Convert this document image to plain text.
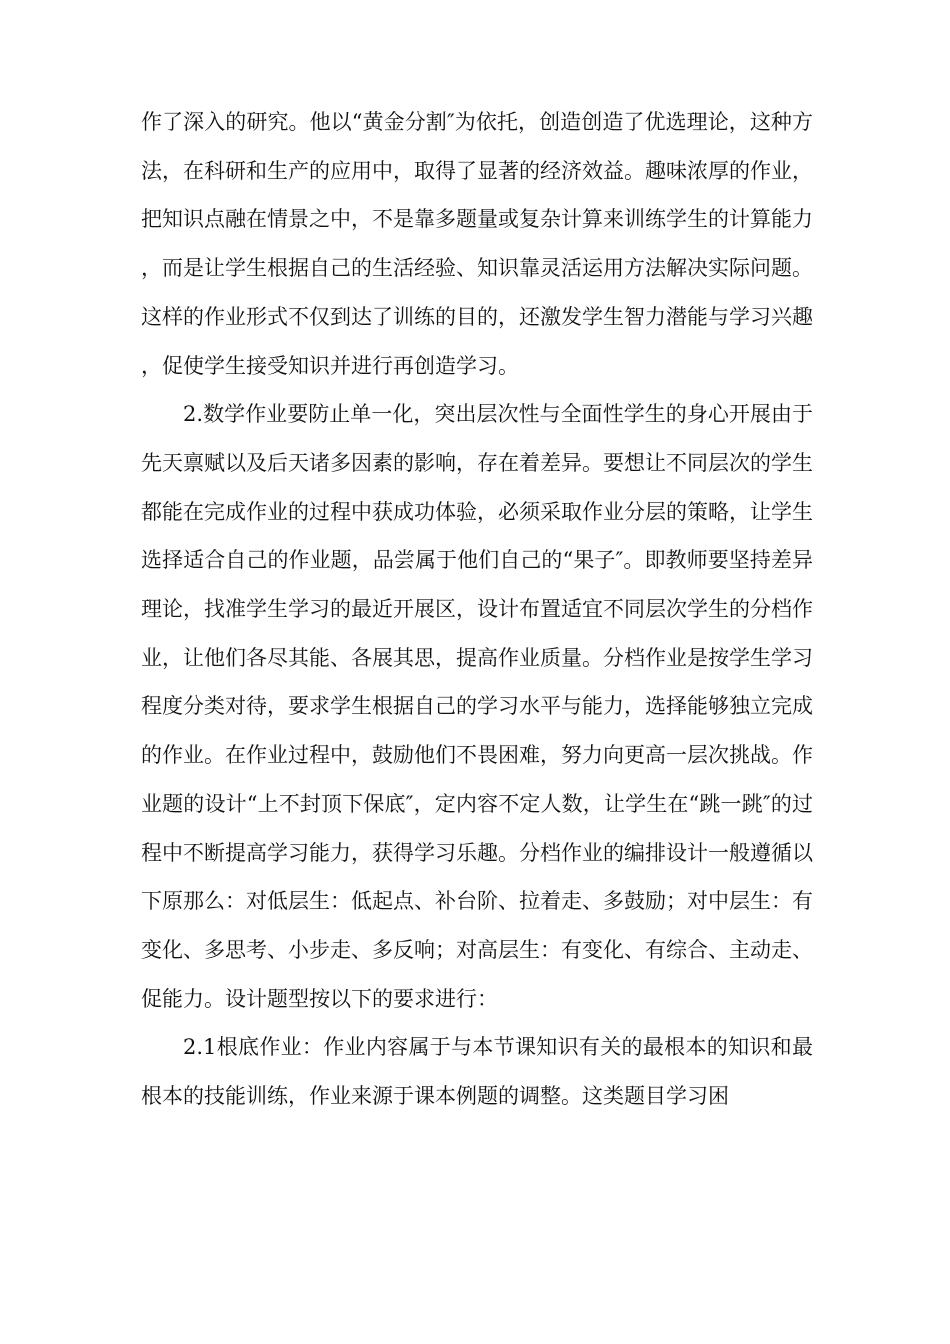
作了深入的研究。他以“黄金分割″为依托，创造创造了优选理论，这种方法，在科研和生产的应用中，取得了显著的经济效益。趣味浓厚的作业，把知识点融在情景之中，不是靠多题量或复杂计算来训练学生的计算能力，而是让学生根据自己的生活经验、知识靠灵活运用方法解决实际问题。这样的作业形式不仅到达了训练的目的，还激发学生智力潜能与学习兴趣，促使学生接受知识并进行再创造学习。

2.数学作业要防止单一化，突出层次性与全面性学生的身心开展由于先天禀赋以及后天诸多因素的影响，存在着差异。要想让不同层次的学生都能在完成作业的过程中获成功体验，必须采取作业分层的策略，让学生选择适合自己的作业题，品尝属于他们自己的“果子″。即教师要坚持差异理论，找准学生学习的最近开展区，设计布置适宜不同层次学生的分档作业，让他们各尽其能、各展其思，提高作业质量。分档作业是按学生学习程度分类对待，要求学生根据自己的学习水平与能力，选择能够独立完成的作业。在作业过程中，鼓励他们不畏困难，努力向更高一层次挑战。作业题的设计“上不封顶下保底″，定内容不定人数，让学生在“跳一跳″的过程中不断提高学习能力，获得学习乐趣。分档作业的编排设计一般遵循以下原那么：对低层生：低起点、补台阶、拉着走、多鼓励；对中层生：有变化、多思考、小步走、多反响；对高层生：有变化、有综合、主动走、促能力。设计题型按以下的要求进行：

2.1根底作业：作业内容属于与本节课知识有关的最根本的知识和最根本的技能训练，作业来源于课本例题的调整。这类题目学习困
